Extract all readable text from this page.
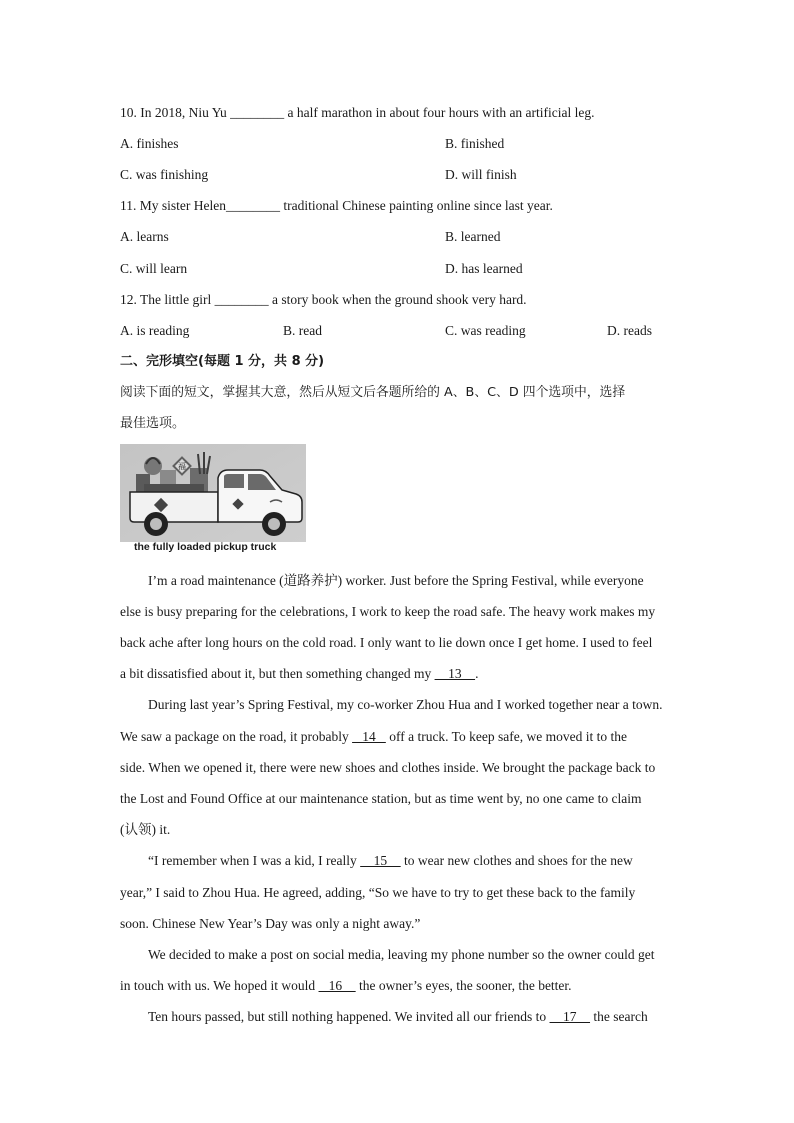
10. In 2018, Niu Yu ________ a half marathon in about four hours with an artificial leg.
A. finishes	B. finished
C. was finishing	D. will finish
11. My sister Helen________ traditional Chinese painting online since last year.
A. learns	B. learned
C. will learn	D. has learned
12. The little girl ________ a story book when the ground shook very hard.
A. is reading	B. read	C. was reading	D. reads
二、完形填空(每题 1 分，共 8 分)
阅读下面的短文，掌握其大意，然后从短文后各题所给的 A、B、C、D 四个选项中，选择
最佳选项。
福
the fully loaded pickup truck
I’m a road maintenance (道路养护) worker. Just before the Spring Festival, while everyone
else is busy preparing for the celebrations, I work to keep the road safe. The heavy work makes my
back ache after long hours on the cold road. I only want to lie down once I get home. I used to feel
a bit dissatisfied about it, but then something changed my     13    .
During last year’s Spring Festival, my co-worker Zhou Hua and I worked together near a town.
We saw a package on the road, it probably    14    off a truck. To keep safe, we moved it to the
side. When we opened it, there were new shoes and clothes inside. We brought the package back to
the Lost and Found Office at our maintenance station, but as time went by, no one came to claim
(认领) it.
“I remember when I was a kid, I really     15     to wear new clothes and shoes for the new
year,” I said to Zhou Hua. He agreed, adding, “So we have to try to get these back to the family
soon. Chinese New Year’s Day was only a night away.”
We decided to make a post on social media, leaving my phone number so the owner could get
in touch with us. We hoped it would    16     the owner’s eyes, the sooner, the better.
Ten hours passed, but still nothing happened. We invited all our friends to     17     the search
